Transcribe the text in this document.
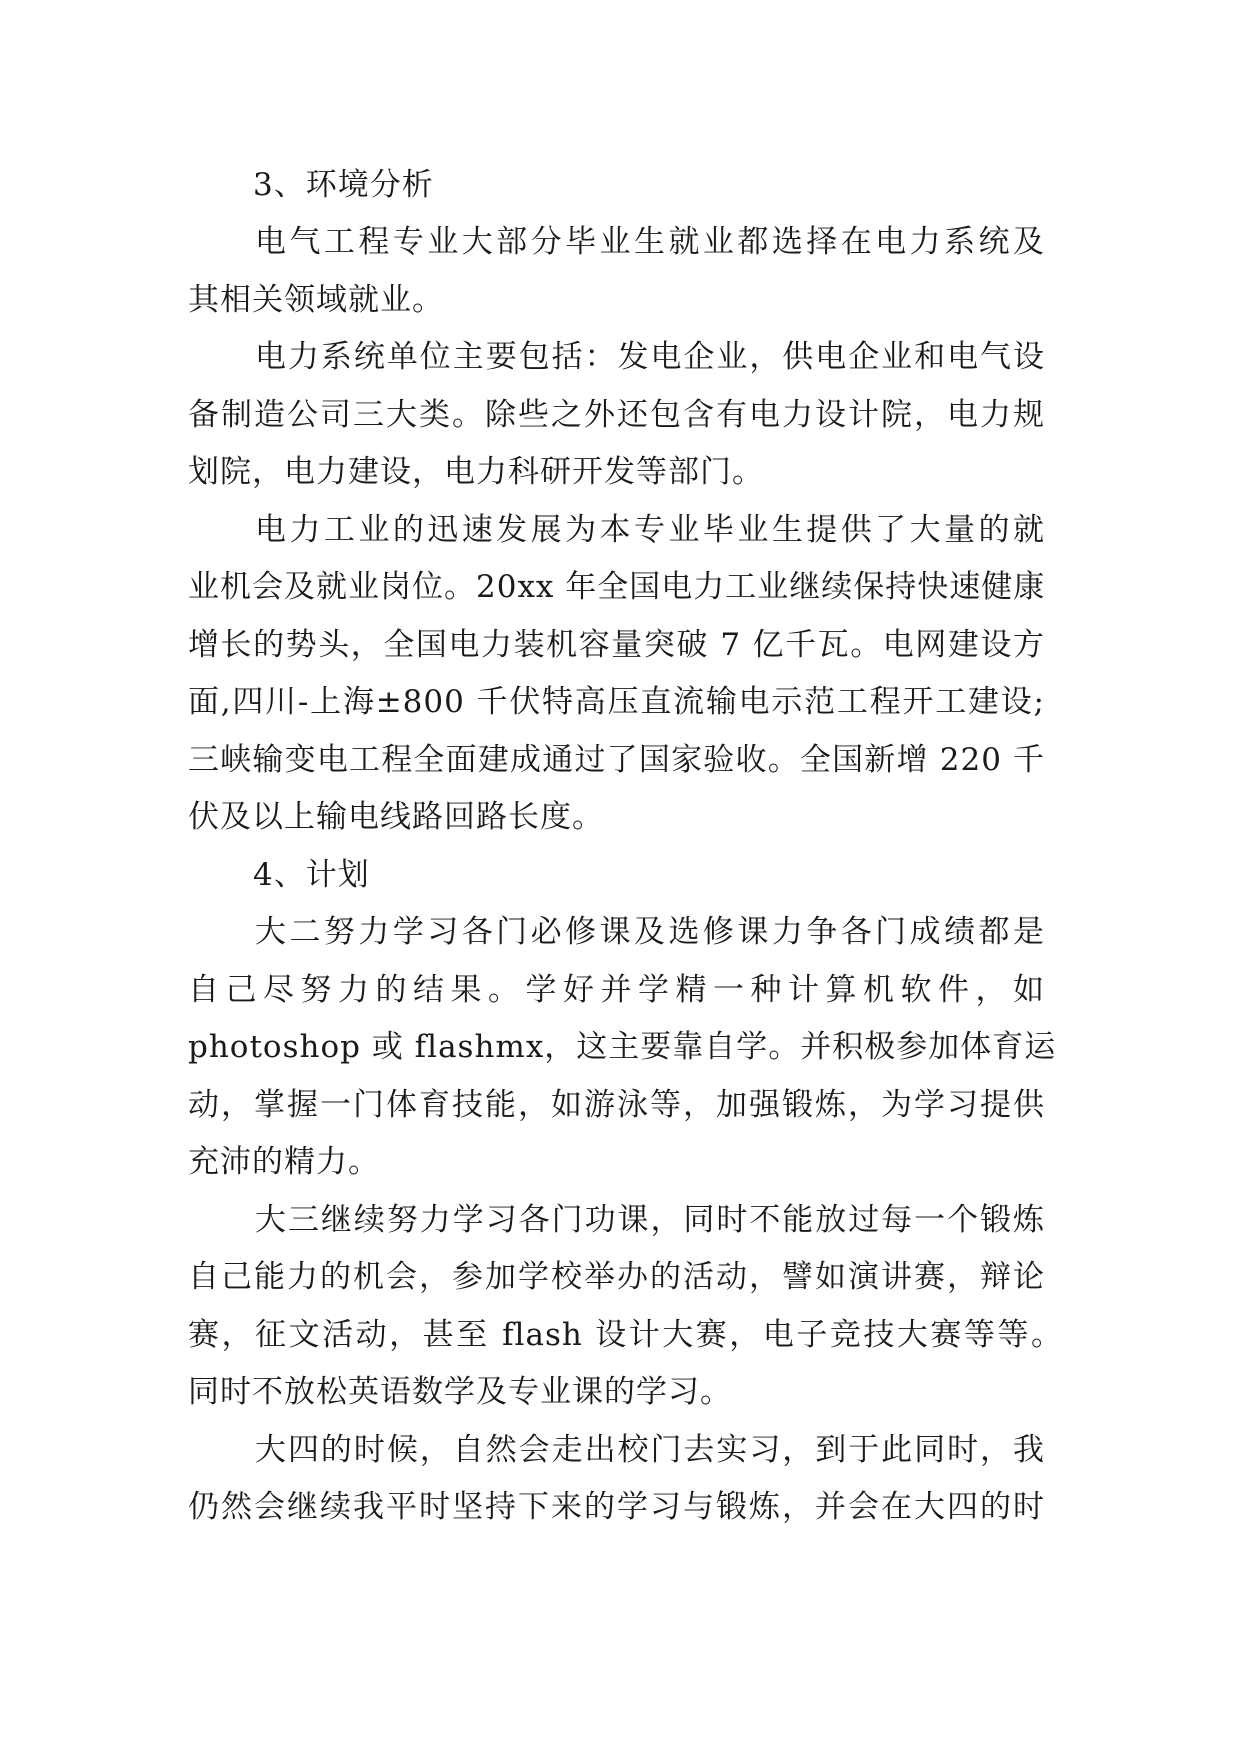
3、环境分析
电气工程专业大部分毕业生就业都选择在电力系统及
其相关领域就业。
电力系统单位主要包括：发电企业，供电企业和电气设
备制造公司三大类。除些之外还包含有电力设计院，电力规
划院，电力建设，电力科研开发等部门。
电力工业的迅速发展为本专业毕业生提供了大量的就
业机会及就业岗位。20xx 年全国电力工业继续保持快速健康
增长的势头，全国电力装机容量突破 7 亿千瓦。电网建设方
面,四川-上海±800 千伏特高压直流输电示范工程开工建设;
三峡输变电工程全面建成通过了国家验收。全国新增 220 千
伏及以上输电线路回路长度。
4、计划
大二努力学习各门必修课及选修课力争各门成绩都是
自己尽努力的结果。学好并学精一种计算机软件，如
photoshop 或 flashmx，这主要靠自学。并积极参加体育运
动，掌握一门体育技能，如游泳等，加强锻炼，为学习提供
充沛的精力。
大三继续努力学习各门功课，同时不能放过每一个锻炼
自己能力的机会，参加学校举办的活动，譬如演讲赛，辩论
赛，征文活动，甚至 flash 设计大赛，电子竞技大赛等等。
同时不放松英语数学及专业课的学习。
大四的时候，自然会走出校门去实习，到于此同时，我
仍然会继续我平时坚持下来的学习与锻炼，并会在大四的时
